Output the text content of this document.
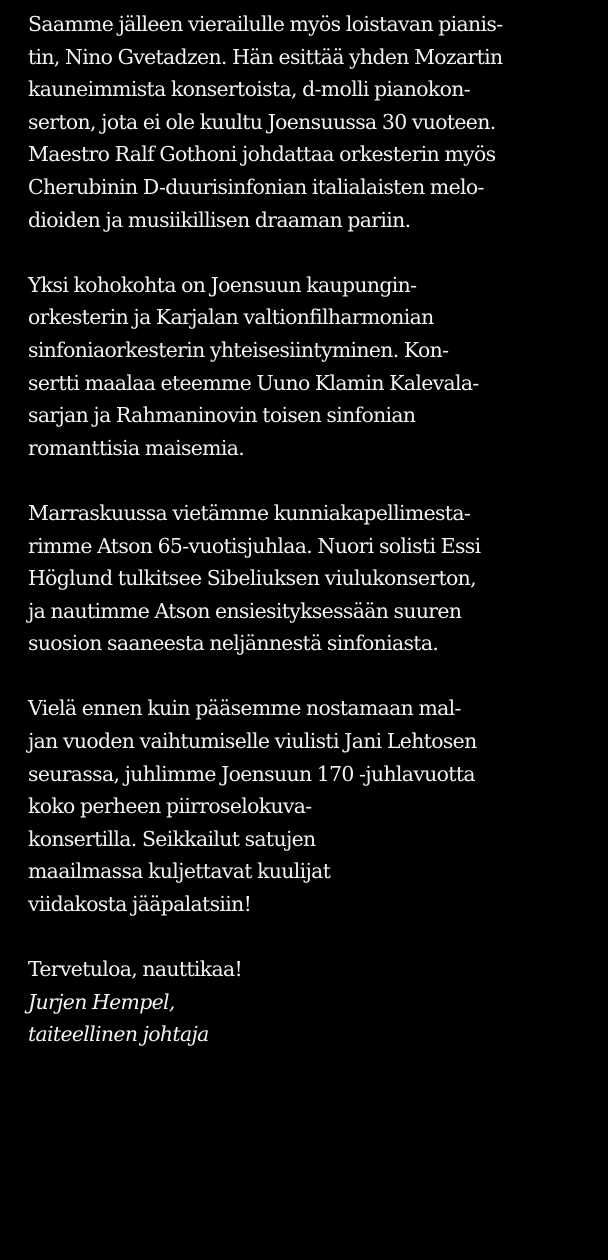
Saamme jälleen vierailulle myös loistavan pianis-
tin, Nino Gvetadzen. Hän esittää yhden Mozartin
kauneimmista konsertoista, d-molli pianokon-
serton, jota ei ole kuultu Joensuussa 30 vuoteen.
Maestro Ralf Gothoni johdattaa orkesterin myös
Cherubinin D-duurisinfonian italialaisten melo-
dioiden ja musiikillisen draaman pariin.

Yksi kohokohta on Joensuun kaupungin-
orkesterin ja Karjalan valtionfilharmonian
sinfoniaorkesterin yhteisesiintyminen. Kon-
sertti maalaa eteemme Uuno Klamin Kalevala-
sarjan ja Rahmaninovin toisen sinfonian
romanttisia maisemia.

Marraskuussa vietämme kunniakapellimesta-
rimme Atson 65-vuotisjuhlaa. Nuori solisti Essi
Höglund tulkitsee Sibeliuksen viulukonserton,
ja nautimme Atson ensiesityksessään suuren
suosion saaneesta neljännestä sinfoniasta.

Vielä ennen kuin pääsemme nostamaan mal-
jan vuoden vaihtumiselle viulisti Jani Lehtosen
seurassa, juhlimme Joensuun 170 -juhlavuotta
koko perheen piirroselokuva-
konsertilla. Seikkailut satujen
maailmassa kuljettavat kuulijat
viidakosta jääpalatsiin!

Tervetuloa, nauttikaa!
Jurjen Hempel,
taiteellinen johtaja
